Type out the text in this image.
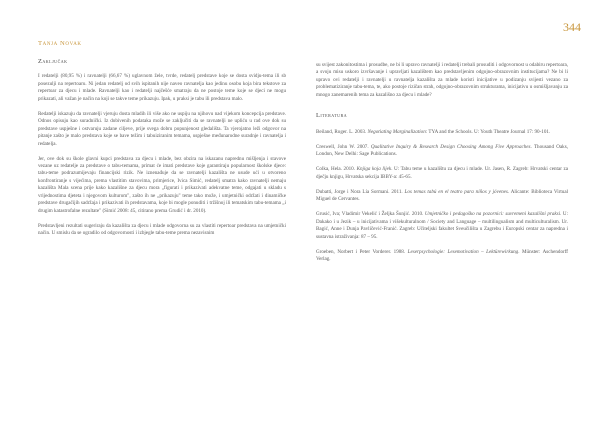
344
Tanja Novak
Zaključak

I redatelji (80,95 %) i ravnatelji (66,67 %) uglavnom žele, tvrde, redatelj predstave koje se dosta svidju-tema ili sb posezulji na repertoaru. Ni jedan redatelj od svih ispitanih nije naveo ravnatelja kao jedinu osobu koja bira tekstove za repertoar za djecu i mlade. Ravnatelji kao i redatelji najčešće smatraju da ne postoje teme koje se djeci ne mogu prikazati, ali važan je način na koji se takve teme prikazuju. Ipak, u praksi je tabu ili predstava malo.

Redatelji iskazuju da ravnatelji vjeruju dosta mladih ili više ako ne uspiju na njihovu nad vijekom koncepcija predstave. Odnos opisuju kao suradnički. Iz dobivenih podataka može se zaključiti da se ravnatelji ne upliću u rad ove dok su predstave uspješne i ostvaruju zadane ciljeve, prije svega dobru popunjenost gledališta. Ta vjerojatno leži odgovor na pitanje zašto je malo predstava koje se bave težim i tabuiziranim temama, uspješne međunarodne suradnje i ravnatelja i redatelja.

Jer, ove dok su škole glavni kupci predstava za djecu i mlade, bez obzira na iskazanu naprednu mišljenja i stavove vezane uz redatelje za predstave o tabu-temama, primat će imati predstave koje garantiraju popularnost školske djece: tabu-teme podrazumijevaju financijski rizik. Ne iznenađuje da se ravnatelji kazališta ne usude ući u otvoreno konfrontiranje s vijećima, prema vlastitim stavovima, primjerice, Ivica Simić, redatelj smatra kako ravnatelji nemaju kazališta Mala scena prije kako kazališne za djecu mora „figurati i prikazivati adekvatne teme, odgajati u skladu s vrijednostima djeteta i njegovom kulturom", zašto ih ne „prikazuju" teme tako može, i umjetnički održati i dinamičke predstave drugačijih sadržaja i prikazivati ih predstavama, koje bi mogle ponuditi i tržišnoj ili tematskim tabu-temama „i drugim katastrofalne rezultate" (Simić 2008: 45, citirano prema Grudić i dr. 2010).

Predstavljeni rezultati sugeriraju da kazališta za djecu i mlade odgovorna su za vlastiti repertoar predstava na umjetnički način. U smislu da se ogradilo od odgovornosti i izbjegle tabu-teme prema nezavisnim

su svijest zakonitostima i prosudbe, ne bi li upravo ravnatelji i redatelji trebali prosuditi i odgovornost u odabiru repertoara, a svoju misu uskoro izvršavanje i upravljati kazalištem kao predstavljenim odgojno-obrazovnim institucijama? Ne bi li upravo ovi redatelji i ravnatelji u ravnatelja kazališta za mlade koristi inicijative u podizanju svijesti vezano za problematiziranje tabu-tema, te, ako postoje rizičan strah, odgojno-obrazovnim strukturama, inicijativu u osmišljavanju za mnogo zanemarenih tema za kazališno za djecu i mlade?

Literatura
Beiland, Roger. L. 2003. Negotiating Marginalization: TYA and the Schools. U: Youth Theatre Journal 17: 90-101.
Creswell, John W. 2007. Qualitative Inquiry & Research Design Choosing Among Five Approaches. Thousand Oaks, London, New Delhi: Sage Publications.
Colka, Hela. 2010. Knjiga koja lijek. U: Tabu teme u kazalištu za djecu i mlade. Ur. Jasen, R. Zagreb: Hrvatski centar za dječju knjigu, Hrvatska sekcija IBBY-a: 45-65.
Dubatti, Jorge i Nora Lía Sormani. 2011. Los temas tabú en el teatro para niños y jóvenes. Alicante: Biblioteca Virtual Miguel de Cervantes.
Grusić, Iva; Vladimir Vekelić i Željka Šunjić. 2010. Umjetničko i pedagoško na pozornici: suvremeni kazališni praksi. U: Dakako i u Jezik – u inicijativama i višekulturalnom / Society and Language – multilingualism and multiculturalism. Ur. Bagić, Anne i Dunja Pavličević-Franić. Zagreb: Učiteljski fakultet Sveučilišta u Zagrebu i Europski centar za napredna i sustavna istraživanja: 87 – 95.
Groeben, Norbert i Peter Vorderer. 1988. Leserpsychologie: Lesemotivation – Lektürewirkung. Münster: Aschendorff Verlag.
